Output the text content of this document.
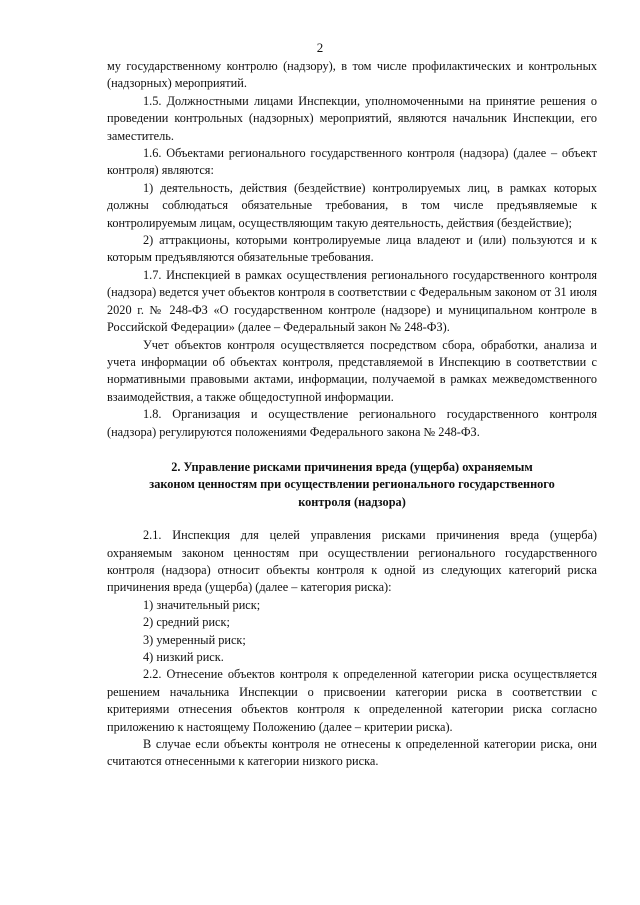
2

му государственному контролю (надзору), в том числе профилактических и контрольных (надзорных) мероприятий.

1.5. Должностными лицами Инспекции, уполномоченными на принятие решения о проведении контрольных (надзорных) мероприятий, являются начальник Инспекции, его заместитель.

1.6. Объектами регионального государственного контроля (надзора) (далее – объект контроля) являются:

1) деятельность, действия (бездействие) контролируемых лиц, в рамках которых должны соблюдаться обязательные требования, в том числе предъявляемые к контролируемым лицам, осуществляющим такую деятельность, действия (бездействие);

2) аттракционы, которыми контролируемые лица владеют и (или) пользуются и к которым предъявляются обязательные требования.

1.7. Инспекцией в рамках осуществления регионального государственного контроля (надзора) ведется учет объектов контроля в соответствии с Федеральным законом от 31 июля 2020 г. № 248-ФЗ «О государственном контроле (надзоре) и муниципальном контроле в Российской Федерации» (далее – Федеральный закон № 248-ФЗ).

Учет объектов контроля осуществляется посредством сбора, обработки, анализа и учета информации об объектах контроля, представляемой в Инспекцию в соответствии с нормативными правовыми актами, информации, получаемой в рамках межведомственного взаимодействия, а также общедоступной информации.

1.8. Организация и осуществление регионального государственного контроля (надзора) регулируются положениями Федерального закона № 248-ФЗ.

2. Управление рисками причинения вреда (ущерба) охраняемым
законом ценностям при осуществлении регионального государственного
контроля (надзора)

2.1. Инспекция для целей управления рисками причинения вреда (ущерба) охраняемым законом ценностям при осуществлении регионального государственного контроля (надзора) относит объекты контроля к одной из следующих категорий риска причинения вреда (ущерба) (далее – категория риска):

1) значительный риск;

2) средний риск;

3) умеренный риск;

4) низкий риск.

2.2. Отнесение объектов контроля к определенной категории риска осуществляется решением начальника Инспекции о присвоении категории риска в соответствии с критериями отнесения объектов контроля к определенной категории риска согласно приложению к настоящему Положению (далее – критерии риска).

В случае если объекты контроля не отнесены к определенной категории риска, они считаются отнесенными к категории низкого риска.
